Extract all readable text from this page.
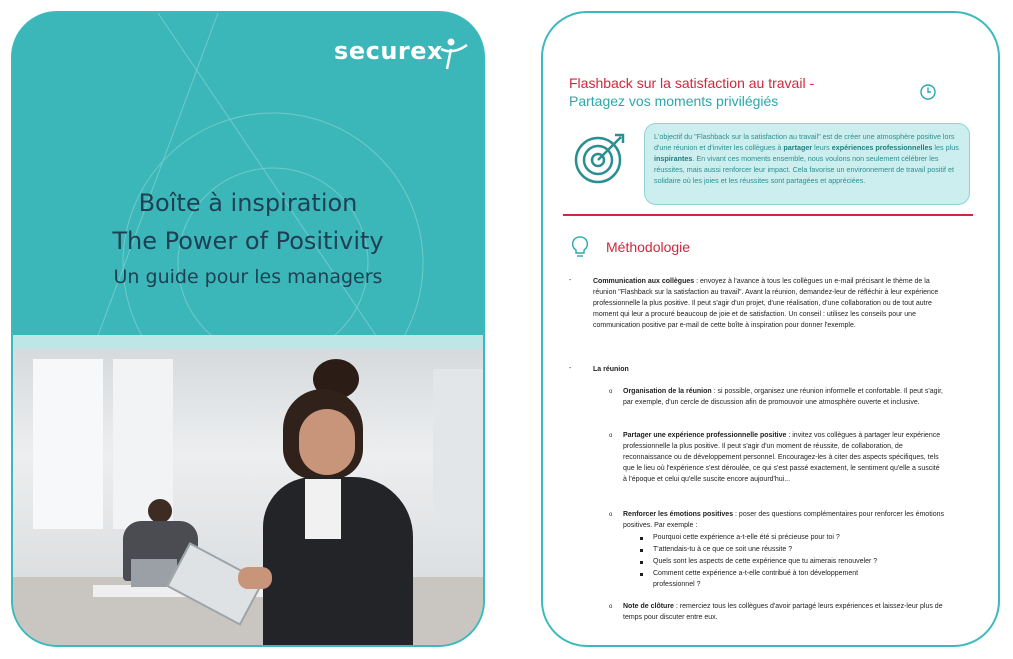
securex
Boîte à inspiration
The Power of Positivity
Un guide pour les managers
Flashback sur la satisfaction au travail -
Partagez vos moments privilégiés
L'objectif du "Flashback sur la satisfaction au travail" est de créer une atmosphère positive lors d'une réunion et d'inviter les collègues à partager leurs expériences professionnelles les plus inspirantes. En vivant ces moments ensemble, nous voulons non seulement célébrer les réussites, mais aussi renforcer leur impact. Cela favorise un environnement de travail positif et solidaire où les joies et les réussites sont partagées et appréciées.
Méthodologie
-	Communication aux collègues : envoyez à l'avance à tous les collègues un e-mail précisant le thème de la réunion "Flashback sur la satisfaction au travail". Avant la réunion, demandez-leur de réfléchir à leur expérience professionnelle la plus positive. Il peut s'agir d'un projet, d'une réalisation, d'une collaboration ou de tout autre moment qui leur a procuré beaucoup de joie et de satisfaction. Un conseil : utilisez les conseils pour une communication positive par e-mail de cette boîte à inspiration pour donner l'exemple.
-	La réunion
o Organisation de la réunion : si possible, organisez une réunion informelle et confortable. Il peut s'agir, par exemple, d'un cercle de discussion afin de promouvoir une atmosphère ouverte et inclusive.
o Partager une expérience professionnelle positive : invitez vos collègues à partager leur expérience professionnelle la plus positive. Il peut s'agir d'un moment de réussite, de collaboration, de reconnaissance ou de développement personnel. Encouragez-les à citer des aspects spécifiques, tels que le lieu où l'expérience s'est déroulée, ce qui s'est passé exactement, le sentiment qu'elle a suscité à l'époque et celui qu'elle suscite encore aujourd'hui...
o Renforcer les émotions positives : poser des questions complémentaires pour renforcer les émotions positives. Par exemple :
Pourquoi cette expérience a-t-elle été si précieuse pour toi ?
T'attendais-tu à ce que ce soit une réussite ?
Quels sont les aspects de cette expérience que tu aimerais renouveler ?
Comment cette expérience a-t-elle contribué à ton développement professionnel ?
o Note de clôture : remerciez tous les collègues d'avoir partagé leurs expériences et laissez-leur plus de temps pour discuter entre eux.
